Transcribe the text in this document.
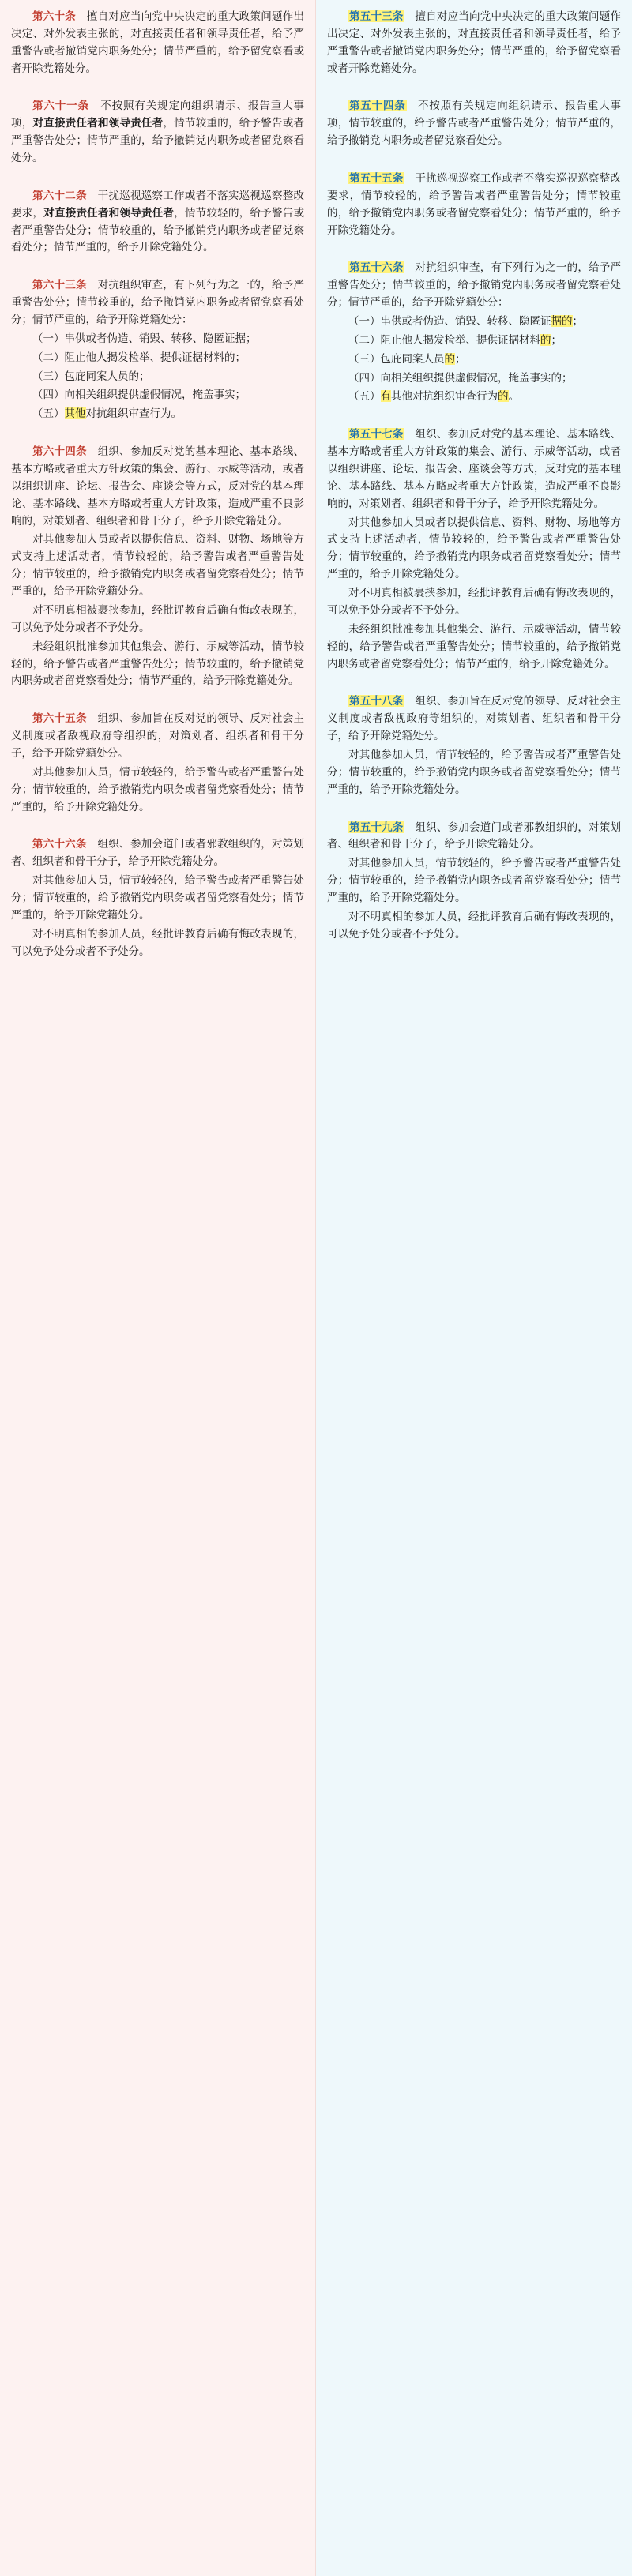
第六十条　擅自对应当向党中央决定的重大政策问题作出决定、对外发表主张的，对直接责任者和领导责任者，给予严重警告或者撤销党内职务处分；情节严重的，给予留党察看或者开除党籍处分。

第六十一条　不按照有关规定向组织请示、报告重大事项，对直接责任者和领导责任者，情节较重的，给予警告或者严重警告处分；情节严重的，给予撤销党内职务或者留党察看处分。

第六十二条　干扰巡视巡察工作或者不落实巡视巡察整改要求，对直接责任者和领导责任者，情节较轻的，给予警告或者严重警告处分；情节较重的，给予撤销党内职务或者留党察看处分；情节严重的，给予开除党籍处分。

第六十三条　对抗组织审查，有下列行为之一的，给予严重警告处分；情节较重的，给予撤销党内职务或者留党察看处分；情节严重的，给予开除党籍处分：

（一）串供或者伪造、销毁、转移、隐匿证据；

（二）阻止他人揭发检举、提供证据材料的；

（三）包庇同案人员的；

（四）向相关组织提供虚假情况，掩盖事实；

（五）其他对抗组织审查行为。

第六十四条　组织、参加反对党的基本理论、基本路线、基本方略或者重大方针政策的集会、游行、示威等活动，或者以组织讲座、论坛、报告会、座谈会等方式，反对党的基本理论、基本路线、基本方略或者重大方针政策，造成严重不良影响的，对策划者、组织者和骨干分子，给予开除党籍处分。

对其他参加人员或者以提供信息、资料、财物、场地等方式支持上述活动者，情节较轻的，给予警告或者严重警告处分；情节较重的，给予撤销党内职务或者留党察看处分；情节严重的，给予开除党籍处分。

对不明真相被裹挟参加，经批评教育后确有悔改表现的，可以免予处分或者不予处分。

未经组织批准参加其他集会、游行、示威等活动，情节较轻的，给予警告或者严重警告处分；情节较重的，给予撤销党内职务或者留党察看处分；情节严重的，给予开除党籍处分。

第六十五条　组织、参加旨在反对党的领导、反对社会主义制度或者敌视政府等组织的，对策划者、组织者和骨干分子，给予开除党籍处分。

对其他参加人员，情节较轻的，给予警告或者严重警告处分；情节较重的，给予撤销党内职务或者留党察看处分；情节严重的，给予开除党籍处分。

第六十六条　组织、参加会道门或者邪教组织的，对策划者、组织者和骨干分子，给予开除党籍处分。

对其他参加人员，情节较轻的，给予警告或者严重警告处分；情节较重的，给予撤销党内职务或者留党察看处分；情节严重的，给予开除党籍处分。

对不明真相的参加人员，经批评教育后确有悔改表现的，可以免予处分或者不予处分。

第五十三条　擅自对应当向党中央决定的重大政策问题作出决定、对外发表主张的，对直接责任者和领导责任者，给予严重警告或者撤销党内职务处分；情节严重的，给予留党察看或者开除党籍处分。

第五十四条　不按照有关规定向组织请示、报告重大事项，情节较重的，给予警告或者严重警告处分；情节严重的，给予撤销党内职务或者留党察看处分。

第五十五条　干扰巡视巡察工作或者不落实巡视巡察整改要求，情节较轻的，给予警告或者严重警告处分；情节较重的，给予撤销党内职务或者留党察看处分；情节严重的，给予开除党籍处分。

第五十六条　对抗组织审查，有下列行为之一的，给予严重警告处分；情节较重的，给予撤销党内职务或者留党察看处分；情节严重的，给予开除党籍处分：

（一）串供或者伪造、销毁、转移、隐匿证据的；

（二）阻止他人揭发检举、提供证据材料的；

（三）包庇同案人员的；

（四）向相关组织提供虚假情况，掩盖事实的；

（五）有其他对抗组织审查行为的。

第五十七条　组织、参加反对党的基本理论、基本路线、基本方略或者重大方针政策的集会、游行、示威等活动，或者以组织讲座、论坛、报告会、座谈会等方式，反对党的基本理论、基本路线、基本方略或者重大方针政策，造成严重不良影响的，对策划者、组织者和骨干分子，给予开除党籍处分。

对其他参加人员或者以提供信息、资料、财物、场地等方式支持上述活动者，情节较轻的，给予警告或者严重警告处分；情节较重的，给予撤销党内职务或者留党察看处分；情节严重的，给予开除党籍处分。

对不明真相被裹挟参加，经批评教育后确有悔改表现的，可以免予处分或者不予处分。

未经组织批准参加其他集会、游行、示威等活动，情节较轻的，给予警告或者严重警告处分；情节较重的，给予撤销党内职务或者留党察看处分；情节严重的，给予开除党籍处分。

第五十八条　组织、参加旨在反对党的领导、反对社会主义制度或者敌视政府等组织的，对策划者、组织者和骨干分子，给予开除党籍处分。

对其他参加人员，情节较轻的，给予警告或者严重警告处分；情节较重的，给予撤销党内职务或者留党察看处分；情节严重的，给予开除党籍处分。

第五十九条　组织、参加会道门或者邪教组织的，对策划者、组织者和骨干分子，给予开除党籍处分。

对其他参加人员，情节较轻的，给予警告或者严重警告处分；情节较重的，给予撤销党内职务或者留党察看处分；情节严重的，给予开除党籍处分。

对不明真相的参加人员，经批评教育后确有悔改表现的，可以免予处分或者不予处分。
